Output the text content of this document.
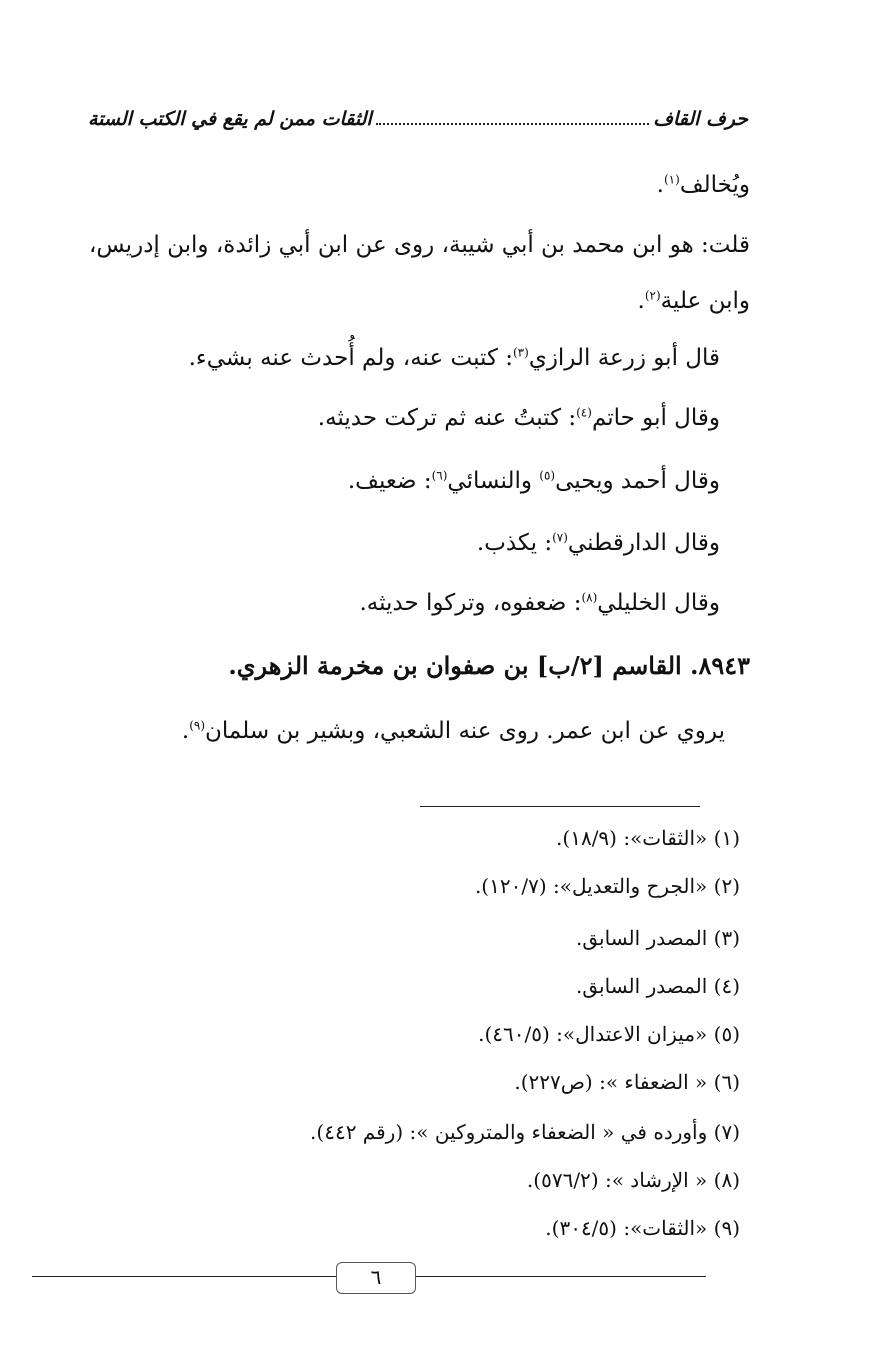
حرف القاف
الثقات ممن لم يقع في الكتب الستة
ويُخالف$^{(١)}$.
قلت: هو ابن محمد بن أبي شيبة، روى عن ابن أبي زائدة، وابن إدريس،
وابن علية$^{(٢)}$.
قال أبو زرعة الرازي$^{(٣)}$: كتبت عنه، ولم أُحدث عنه بشيء.
وقال أبو حاتم$^{(٤)}$: كتبتُ عنه ثم تركت حديثه.
وقال أحمد ويحيى$^{(٥)}$ والنسائي$^{(٦)}$: ضعيف.
وقال الدارقطني$^{(٧)}$: يكذب.
وقال الخليلي$^{(٨)}$: ضعفوه، وتركوا حديثه.
٨٩٤٣. القاسم [٢/ب] بن صفوان بن مخرمة الزهري.
يروي عن ابن عمر. روى عنه الشعبي، وبشير بن سلمان$^{(٩)}$.
(١) «الثقات»: (١٨/٩).
(٢) «الجرح والتعديل»: (١٢٠/٧).
(٣) المصدر السابق.
(٤) المصدر السابق.
(٥) «ميزان الاعتدال»: (٤٦٠/٥).
(٦) « الضعفاء »: (ص٢٢٧).
(٧) وأورده في « الضعفاء والمتروكين »: (رقم ٤٤٢).
(٨) « الإرشاد »: (٥٧٦/٢).
(٩) «الثقات»: (٣٠٤/٥).
٦
